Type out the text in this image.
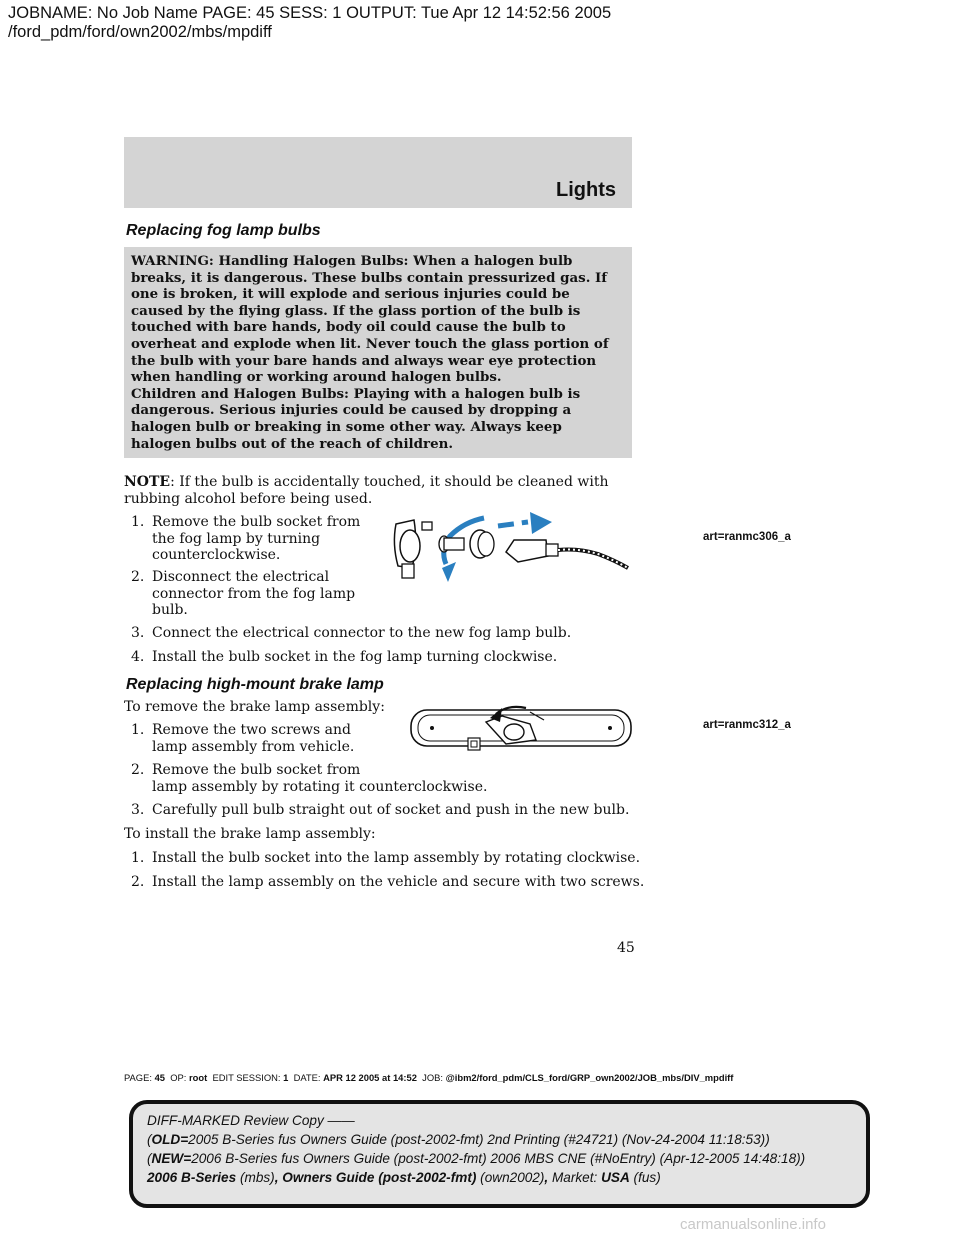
JOBNAME: No Job Name PAGE: 45 SESS: 1 OUTPUT: Tue Apr 12 14:52:56 2005
/ford_pdm/ford/own2002/mbs/mpdiff
Lights
Replacing fog lamp bulbs
WARNING: Handling Halogen Bulbs: When a halogen bulb
breaks, it is dangerous. These bulbs contain pressurized gas. If
one is broken, it will explode and serious injuries could be
caused by the flying glass. If the glass portion of the bulb is
touched with bare hands, body oil could cause the bulb to
overheat and explode when lit. Never touch the glass portion of
the bulb with your bare hands and always wear eye protection
when handling or working around halogen bulbs.
Children and Halogen Bulbs: Playing with a halogen bulb is
dangerous. Serious injuries could be caused by dropping a
halogen bulb or breaking in some other way. Always keep
halogen bulbs out of the reach of children.
NOTE: If the bulb is accidentally touched, it should be cleaned with
rubbing alcohol before being used.
1. Remove the bulb socket from
the fog lamp by turning
counterclockwise.
2. Disconnect the electrical
connector from the fog lamp
bulb.
3. Connect the electrical connector to the new fog lamp bulb.
4. Install the bulb socket in the fog lamp turning clockwise.
art=ranmc306_a
Replacing high-mount brake lamp
To remove the brake lamp assembly:
1. Remove the two screws and
lamp assembly from vehicle.
2. Remove the bulb socket from
lamp assembly by rotating it counterclockwise.
3. Carefully pull bulb straight out of socket and push in the new bulb.
To install the brake lamp assembly:
1. Install the bulb socket into the lamp assembly by rotating clockwise.
2. Install the lamp assembly on the vehicle and secure with two screws.
art=ranmc312_a
45
PAGE: 45 OP: root EDIT SESSION: 1 DATE: APR 12 2005 at 14:52 JOB: @ibm2/ford_pdm/CLS_ford/GRP_own2002/JOB_mbs/DIV_mpdiff
DIFF-MARKED Review Copy ——
(OLD=2005 B-Series fus Owners Guide (post-2002-fmt) 2nd Printing (#24721) (Nov-24-2004 11:18:53))
(NEW=2006 B-Series fus Owners Guide (post-2002-fmt) 2006 MBS CNE (#NoEntry) (Apr-12-2005 14:48:18))
2006 B-Series (mbs), Owners Guide (post-2002-fmt) (own2002), Market: USA (fus)
carmanualsonline.info
